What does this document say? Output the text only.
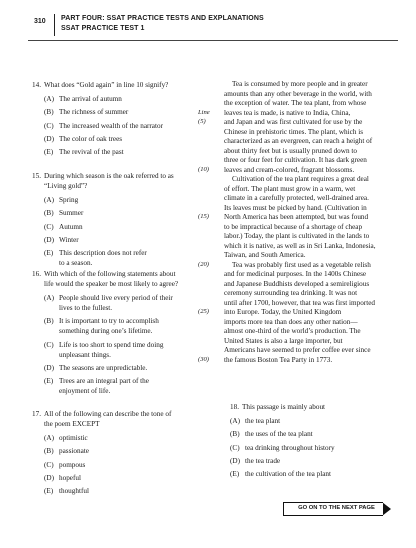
310 PART FOUR: SSAT PRACTICE TESTS AND EXPLANATIONS
SSAT PRACTICE TEST 1
14. What does “Gold again” in line 10 signify?
(A) The arrival of autumn
(B) The richness of summer
(C) The increased wealth of the narrator
(D) The color of oak trees
(E) The revival of the past
15. During which season is the oak referred to as
“Living gold”?
(A) Spring
(B) Summer
(C) Autumn
(D) Winter
(E) This description does not refer
to a season.
16. With which of the following statements about
life would the speaker be most likely to agree?
(A) People should live every period of their
lives to the fullest.
(B) It is important to try to accomplish
something during one’s lifetime.
(C) Life is too short to spend time doing
unpleasant things.
(D) The seasons are unpredictable.
(E) Trees are an integral part of the
enjoyment of life.
17. All of the following can describe the tone of
the poem EXCEPT
(A) optimistic
(B) passionate
(C) pompous
(D) hopeful
(E) thoughtful
Tea is consumed by more people and in greater
amounts than any other beverage in the world, with
the exception of water. The tea plant, from whose
Line leaves tea is made, is native to India, China,
(5)	and Japan and was first cultivated for use by the
Chinese in prehistoric times. The plant, which is
characterized as an evergreen, can reach a height of
about thirty feet but is usually pruned down to
three or four feet for cultivation. It has dark green
(10) leaves and cream-colored, fragrant blossoms.
Cultivation of the tea plant requires a great deal
of effort. The plant must grow in a warm, wet
climate in a carefully protected, well-drained area.
Its leaves must be picked by hand. (Cultivation in
(15) North America has been attempted, but was found
to be impractical because of a shortage of cheap
labor.) Today, the plant is cultivated in the lands to
which it is native, as well as in Sri Lanka, Indonesia,
Taiwan, and South America.
(20)	Tea was probably first used as a vegetable relish
and for medicinal purposes. In the 1400s Chinese
and Japanese Buddhists developed a semireligious
ceremony surrounding tea drinking. It was not
until after 1700, however, that tea was first imported
(25) into Europe. Today, the United Kingdom
imports more tea than does any other nation—
almost one-third of the world’s production. The
United States is also a large importer, but
Americans have seemed to prefer coffee ever since
(30) the famous Boston Tea Party in 1773.
18. This passage is mainly about
(A) the tea plant
(B) the uses of the tea plant
(C) tea drinking throughout history
(D) the tea trade
(E) the cultivation of the tea plant
GO ON TO THE NEXT PAGE
